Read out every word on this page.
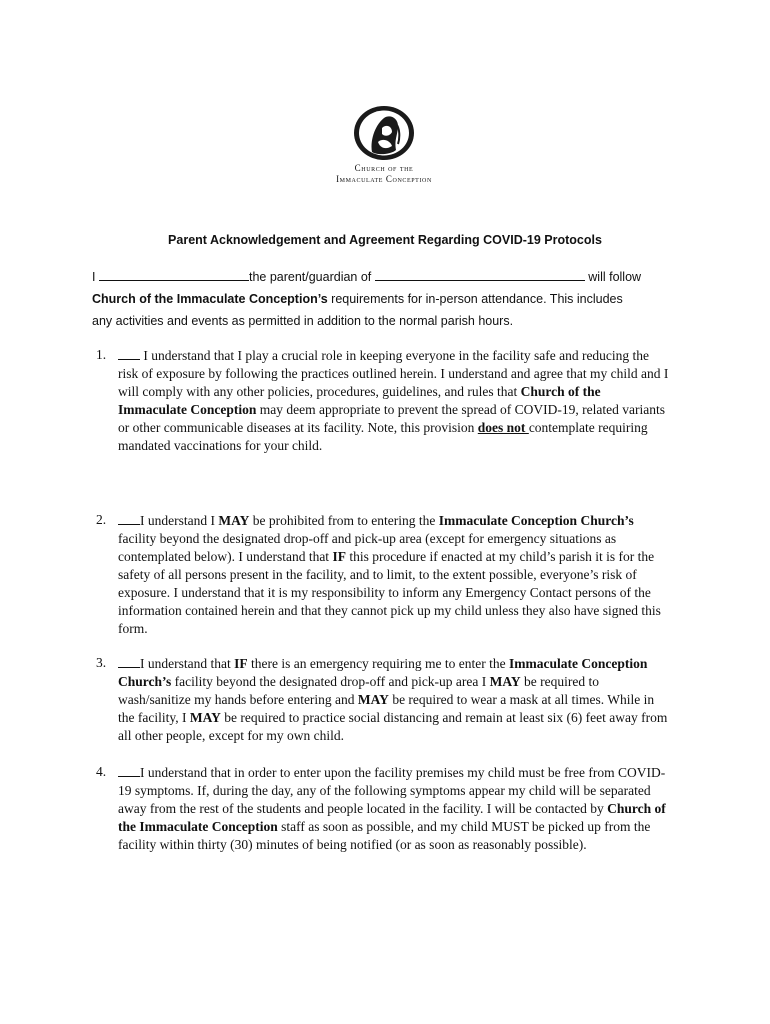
Church of the
Immaculate Conception
Parent Acknowledgement and Agreement Regarding COVID-19 Protocols
I	the parent/guardian of	will follow
Church of the Immaculate Conception’s requirements for in-person attendance. This includes
any activities and events as permitted in addition to the normal parish hours.
1.	I understand that I play a crucial role in keeping everyone in the facility safe and reducing the risk of exposure by following the practices outlined herein. I understand and agree that my child and I will comply with any other policies, procedures, guidelines, and rules that Church of the Immaculate Conception may deem appropriate to prevent the spread of COVID-19, related variants or other communicable diseases at its facility. Note, this provision does not contemplate requiring mandated vaccinations for your child.
2.	I understand I MAY be prohibited from to entering the Immaculate Conception Church’s facility beyond the designated drop-off and pick-up area (except for emergency situations as contemplated below). I understand that IF this procedure if enacted at my child’s parish it is for the safety of all persons present in the facility, and to limit, to the extent possible, everyone’s risk of exposure. I understand that it is my responsibility to inform any Emergency Contact persons of the information contained herein and that they cannot pick up my child unless they also have signed this form.
3.	I understand that IF there is an emergency requiring me to enter the Immaculate Conception Church’s facility beyond the designated drop-off and pick-up area I MAY be required to wash/sanitize my hands before entering and MAY be required to wear a mask at all times. While in the facility, I MAY be required to practice social distancing and remain at least six (6) feet away from all other people, except for my own child.
4.	I understand that in order to enter upon the facility premises my child must be free from COVID-19 symptoms. If, during the day, any of the following symptoms appear my child will be separated away from the rest of the students and people located in the facility. I will be contacted by Church of the Immaculate Conception staff as soon as possible, and my child MUST be picked up from the facility within thirty (30) minutes of being notified (or as soon as reasonably possible).
